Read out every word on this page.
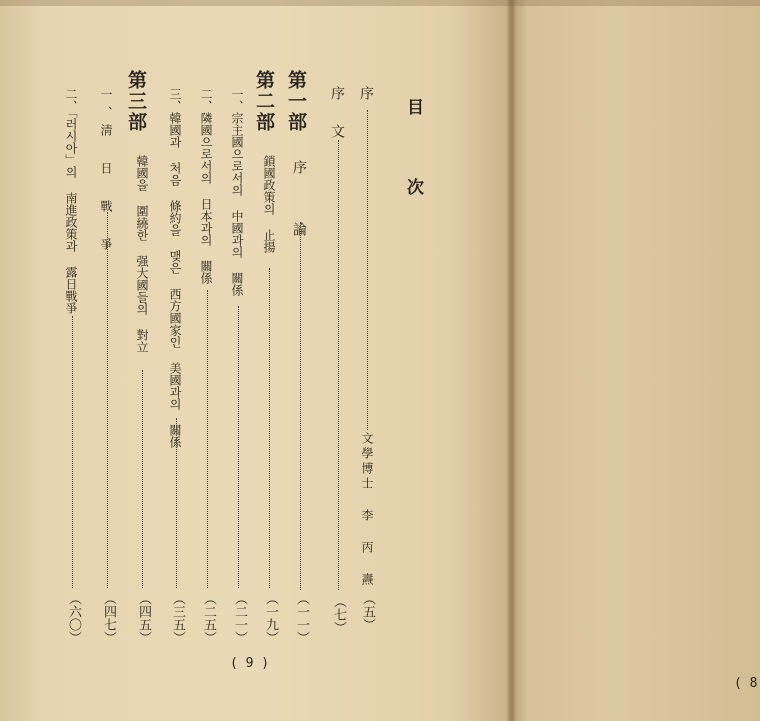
目
次
序
文學博士 李 丙 燾
（五）
序 文
（七）
第一部
序 論
（一一）
第二部
鎖國政策의 止揚
（一九）
一、宗主國으로서의 中國과의 關係
（二一）
二、隣國으로서의 日本과의 關係
（二五）
三、韓國과 처음 條約을 맺은 西方國家인 美國과의 關係
（三五）
第三部
韓國을 圍繞한 强大國들의 對立
（四五）
一、淸 日 戰 爭
（四七）
二、「러시아」의 南進政策과 露日戰爭
（六〇）
( 9 )
( 8
